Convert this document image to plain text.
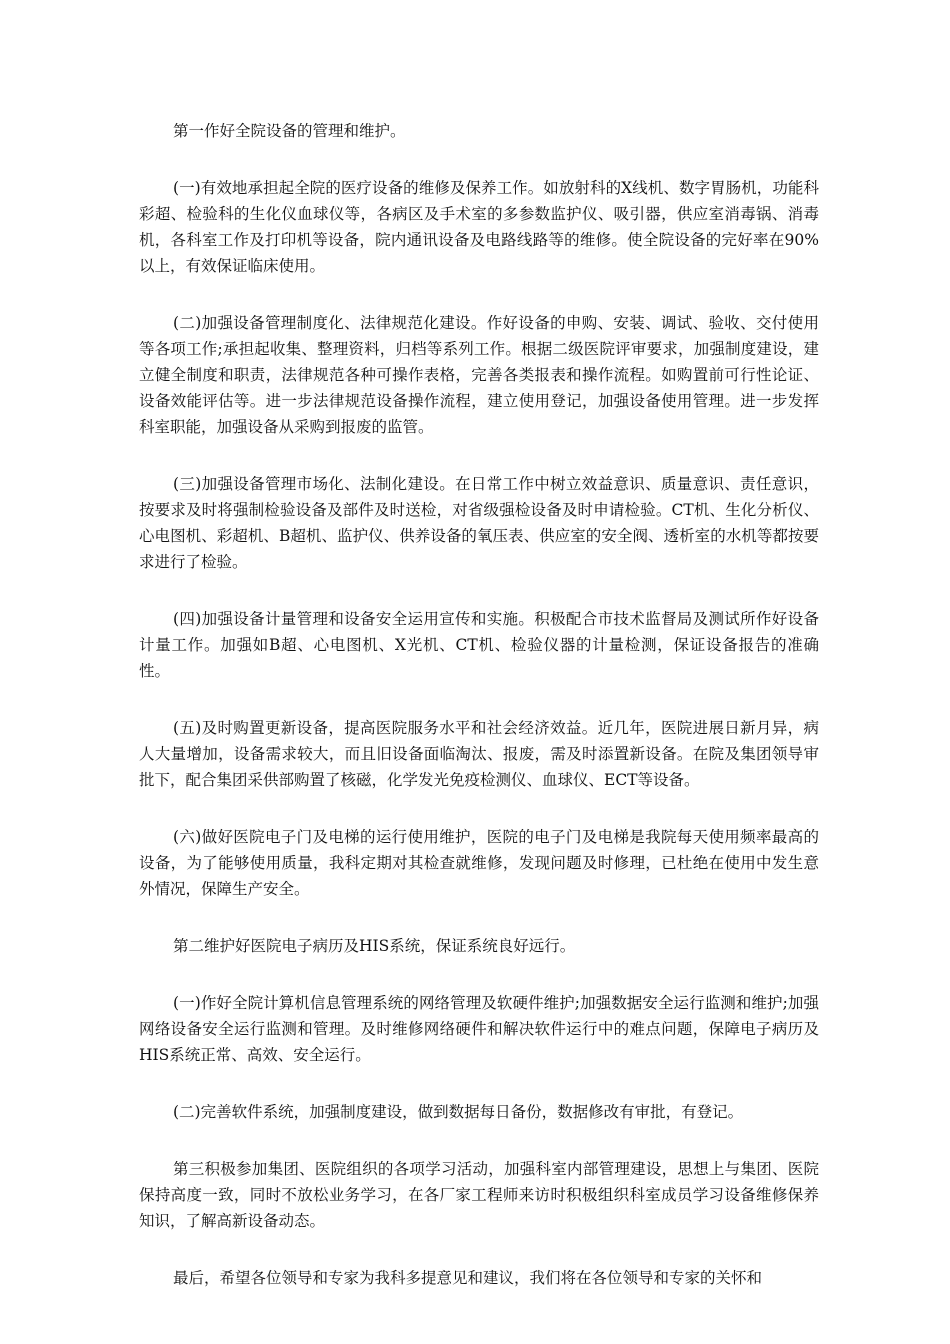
第一作好全院设备的管理和维护。

(一)有效地承担起全院的医疗设备的维修及保养工作。如放射科的X线机、数字胃肠机，功能科彩超、检验科的生化仪血球仪等，各病区及手术室的多参数监护仪、吸引器，供应室消毒锅、消毒机，各科室工作及打印机等设备，院内通讯设备及电路线路等的维修。使全院设备的完好率在90%以上，有效保证临床使用。

(二)加强设备管理制度化、法律规范化建设。作好设备的申购、安装、调试、验收、交付使用等各项工作;承担起收集、整理资料，归档等系列工作。根据二级医院评审要求，加强制度建设，建立健全制度和职责，法律规范各种可操作表格，完善各类报表和操作流程。如购置前可行性论证、设备效能评估等。进一步法律规范设备操作流程，建立使用登记，加强设备使用管理。进一步发挥科室职能，加强设备从采购到报废的监管。

(三)加强设备管理市场化、法制化建设。在日常工作中树立效益意识、质量意识、责任意识，按要求及时将强制检验设备及部件及时送检，对省级强检设备及时申请检验。CT机、生化分析仪、心电图机、彩超机、B超机、监护仪、供养设备的氧压表、供应室的安全阀、透析室的水机等都按要求进行了检验。

(四)加强设备计量管理和设备安全运用宣传和实施。积极配合市技术监督局及测试所作好设备计量工作。加强如B超、心电图机、X光机、CT机、检验仪器的计量检测，保证设备报告的准确性。

(五)及时购置更新设备，提高医院服务水平和社会经济效益。近几年，医院进展日新月异，病人大量增加，设备需求较大，而且旧设备面临淘汰、报废，需及时添置新设备。在院及集团领导审批下，配合集团采供部购置了核磁，化学发光免疫检测仪、血球仪、ECT等设备。

(六)做好医院电子门及电梯的运行使用维护，医院的电子门及电梯是我院每天使用频率最高的设备，为了能够使用质量，我科定期对其检查就维修，发现问题及时修理，已杜绝在使用中发生意外情况，保障生产安全。

第二维护好医院电子病历及HIS系统，保证系统良好远行。

(一)作好全院计算机信息管理系统的网络管理及软硬件维护;加强数据安全运行监测和维护;加强网络设备安全运行监测和管理。及时维修网络硬件和解决软件运行中的难点问题，保障电子病历及HIS系统正常、高效、安全运行。

(二)完善软件系统，加强制度建设，做到数据每日备份，数据修改有审批，有登记。

第三积极参加集团、医院组织的各项学习活动，加强科室内部管理建设，思想上与集团、医院保持高度一致，同时不放松业务学习，在各厂家工程师来访时积极组织科室成员学习设备维修保养知识，了解高新设备动态。

最后，希望各位领导和专家为我科多提意见和建议，我们将在各位领导和专家的关怀和
